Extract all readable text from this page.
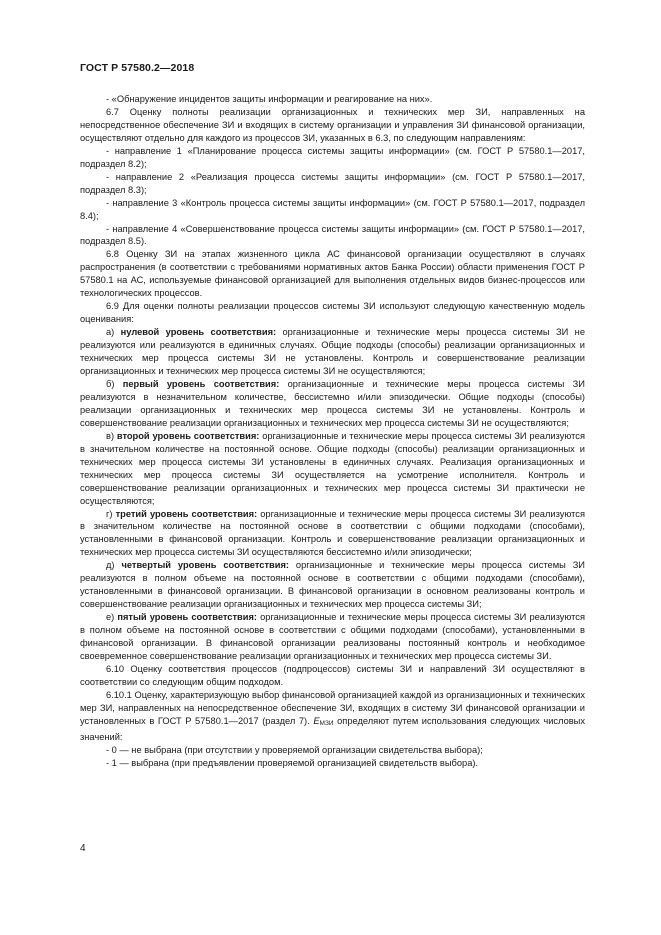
ГОСТ Р 57580.2—2018

- «Обнаружение инцидентов защиты информации и реагирование на них».

6.7 Оценку полноты реализации организационных и технических мер ЗИ, направленных на непосредственное обеспечение ЗИ и входящих в систему организации и управления ЗИ финансовой организации, осуществляют отдельно для каждого из процессов ЗИ, указанных в 6.3, по следующим направлениям:

- направление 1 «Планирование процесса системы защиты информации» (см. ГОСТ Р 57580.1—2017, подраздел 8.2);

- направление 2 «Реализация процесса системы защиты информации» (см. ГОСТ Р 57580.1—2017, подраздел 8.3);

- направление 3 «Контроль процесса системы защиты информации» (см. ГОСТ Р 57580.1—2017, подраздел 8.4);

- направление 4 «Совершенствование процесса системы защиты информации» (см. ГОСТ Р 57580.1—2017, подраздел 8.5).

6.8 Оценку ЗИ на этапах жизненного цикла АС финансовой организации осуществляют в случаях распространения (в соответствии с требованиями нормативных актов Банка России) области применения ГОСТ Р 57580.1 на АС, используемые финансовой организацией для выполнения отдельных видов бизнес-процессов или технологических процессов.

6.9 Для оценки полноты реализации процессов системы ЗИ используют следующую качественную модель оценивания:

а) нулевой уровень соответствия: организационные и технические меры процесса системы ЗИ не реализуются или реализуются в единичных случаях. Общие подходы (способы) реализации организационных и технических мер процесса системы ЗИ не установлены. Контроль и совершенствование реализации организационных и технических мер процесса системы ЗИ не осуществляются;

б) первый уровень соответствия: организационные и технические меры процесса системы ЗИ реализуются в незначительном количестве, бессистемно и/или эпизодически. Общие подходы (способы) реализации организационных и технических мер процесса системы ЗИ не установлены. Контроль и совершенствование реализации организационных и технических мер процесса системы ЗИ не осуществляются;

в) второй уровень соответствия: организационные и технические меры процесса системы ЗИ реализуются в значительном количестве на постоянной основе. Общие подходы (способы) реализации организационных и технических мер процесса системы ЗИ установлены в единичных случаях. Реализация организационных и технических мер процесса системы ЗИ осуществляется на усмотрение исполнителя. Контроль и совершенствование реализации организационных и технических мер процесса системы ЗИ практически не осуществляются;

г) третий уровень соответствия: организационные и технические меры процесса системы ЗИ реализуются в значительном количестве на постоянной основе в соответствии с общими подходами (способами), установленными в финансовой организации. Контроль и совершенствование реализации организационных и технических мер процесса системы ЗИ осуществляются бессистемно и/или эпизодически;

д) четвертый уровень соответствия: организационные и технические меры процесса системы ЗИ реализуются в полном объеме на постоянной основе в соответствии с общими подходами (способами), установленными в финансовой организации. В финансовой организации в основном реализованы контроль и совершенствование реализации организационных и технических мер процесса системы ЗИ;

е) пятый уровень соответствия: организационные и технические меры процесса системы ЗИ реализуются в полном объеме на постоянной основе в соответствии с общими подходами (способами), установленными в финансовой организации. В финансовой организации реализованы постоянный контроль и необходимое своевременное совершенствование реализации организационных и технических мер процесса системы ЗИ.

6.10 Оценку соответствия процессов (подпроцессов) системы ЗИ и направлений ЗИ осуществляют в соответствии со следующим общим подходом.

6.10.1 Оценку, характеризующую выбор финансовой организацией каждой из организационных и технических мер ЗИ, направленных на непосредственное обеспечение ЗИ, входящих в систему ЗИ финансовой организации и установленных в ГОСТ Р 57580.1—2017 (раздел 7). $E_{МЗИ}$ определяют путем использования следующих числовых значений:

- 0 — не выбрана (при отсутствии у проверяемой организации свидетельства выбора);

- 1 — выбрана (при предъявлении проверяемой организацией свидетельств выбора).

4
